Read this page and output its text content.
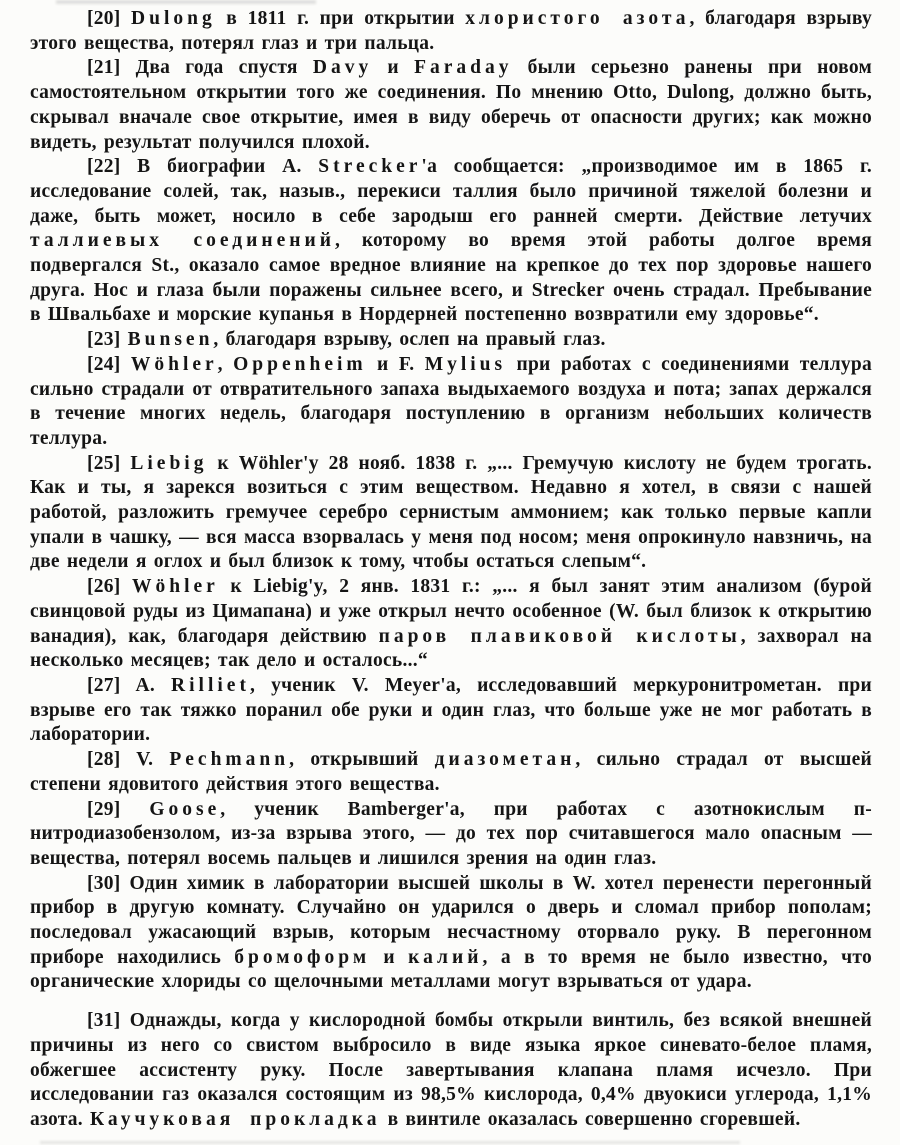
[20] Dulong в 1811 г. при открытии хлористого азота, благодаря взрыву этого вещества, потерял глаз и три пальца.

[21] Два года спустя Davy и Faraday были серьезно ранены при новом самостоятельном открытии того же соединения. По мнению Otto, Dulong, должно быть, скрывал вначале свое открытие, имея в виду оберечь от опасности других; как можно видеть, результат получился плохой.

[22] В биографии A. Strecker'а сообщается: „производимое им в 1865 г. исследование солей, так, назыв., перекиси таллия было причиной тяжелой болезни и даже, быть может, носило в себе зародыш его ранней смерти. Действие летучих таллиевых соединений, которому во время этой работы долгое время подвергался St., оказало самое вредное влияние на крепкое до тех пор здоровье нашего друга. Нос и глаза были поражены сильнее всего, и Strecker очень страдал. Пребывание в Швальбахе и морские купанья в Нордерней постепенно возвратили ему здоровье“.

[23] Bunsen, благодаря взрыву, ослеп на правый глаз.

[24] Wöhler, Oppenheim и F. Mylius при работах с соединениями теллура сильно страдали от отвратительного запаха выдыхаемого воздуха и пота; запах держался в течение многих недель, благодаря поступлению в организм небольших количеств теллура.

[25] Liebig к Wöhler'y 28 нояб. 1838 г. „... Гремучую кислоту не будем трогать. Как и ты, я зарекся возиться с этим веществом. Недавно я хотел, в связи с нашей работой, разложить гремучее серебро сернистым аммонием; как только первые капли упали в чашку, — вся масса взорвалась у меня под носом; меня опрокинуло навзничь, на две недели я оглох и был близок к тому, чтобы остаться слепым“.

[26] Wöhler к Liebig'y, 2 янв. 1831 г.: „... я был занят этим анализом (бурой свинцовой руды из Цимапана) и уже открыл нечто особенное (W. был близок к открытию ванадия), как, благодаря действию паров плавиковой кислоты, захворал на несколько месяцев; так дело и осталось...“

[27] A. Rilliet, ученик V. Meyer'а, исследовавший меркуронитрометан. при взрыве его так тяжко поранил обе руки и один глаз, что больше уже не мог работать в лаборатории.

[28] V. Pechmann, открывший диазометан, сильно страдал от высшей степени ядовитого действия этого вещества.

[29] Goose, ученик Bamberger'а, при работах с азотнокислым п-нитродиазобензолом, из-за взрыва этого, — до тех пор считавшегося мало опасным — вещества, потерял восемь пальцев и лишился зрения на один глаз.

[30] Один химик в лаборатории высшей школы в W. хотел перенести перегонный прибор в другую комнату. Случайно он ударился о дверь и сломал прибор пополам; последовал ужасающий взрыв, которым несчастному оторвало руку. В перегонном приборе находились бромоформ и калий, а в то время не было известно, что органические хлориды со щелочными металлами могут взрываться от удара.

[31] Однажды, когда у кислородной бомбы открыли винтиль, без всякой внешней причины из него со свистом выбросило в виде языка яркое синевато-белое пламя, обжегшее ассистенту руку. После завертывания клапана пламя исчезло. При исследовании газ оказался состоящим из 98,5% кислорода, 0,4% двуокиси углерода, 1,1% азота. Каучуковая прокладка в винтиле оказалась совершенно сгоревшей.
